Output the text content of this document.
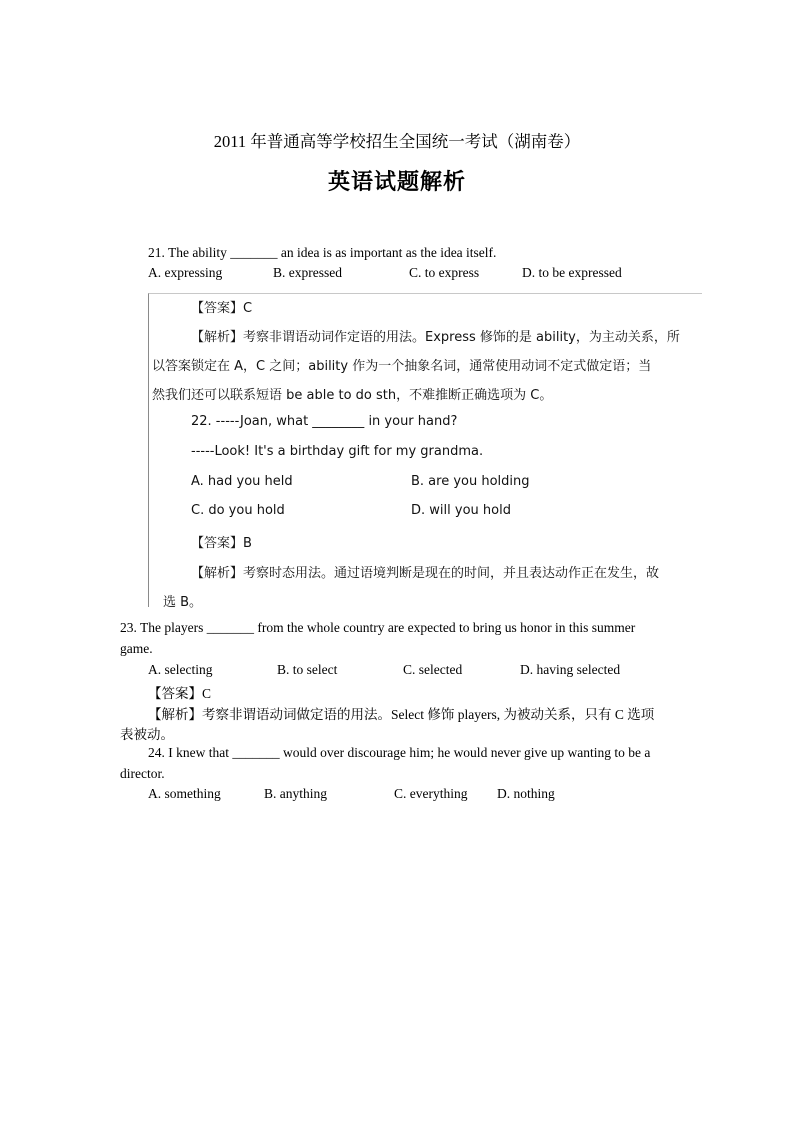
2011 年普通高等学校招生全国统一考试（湖南卷）
英语试题解析
21. The ability _______ an idea is as important as the idea itself.
A. expressing	B. expressed	C. to express	D. to be expressed
【答案】C
【解析】考察非谓语动词作定语的用法。Express 修饰的是 ability，为主动关系，所
以答案锁定在 A，C 之间；ability 作为一个抽象名词，通常使用动词不定式做定语；当
然我们还可以联系短语 be able to do sth，不难推断正确选项为 C。
22. -----Joan, what ________ in your hand?
-----Look! It's a birthday gift for my grandma.
A. had you held	B. are you holding
C. do you hold	D. will you hold
【答案】B
【解析】考察时态用法。通过语境判断是现在的时间，并且表达动作正在发生，故
选 B。
23. The players _______ from the whole country are expected to bring us honor in this summer
game.
A. selecting	B. to select	C. selected	D. having selected
【答案】C
【解析】考察非谓语动词做定语的用法。Select 修饰 players, 为被动关系，只有 C 选项
表被动。
24. I knew that _______ would over discourage him; he would never give up wanting to be a
director.
A. something	B. anything	C. everything D. nothing
